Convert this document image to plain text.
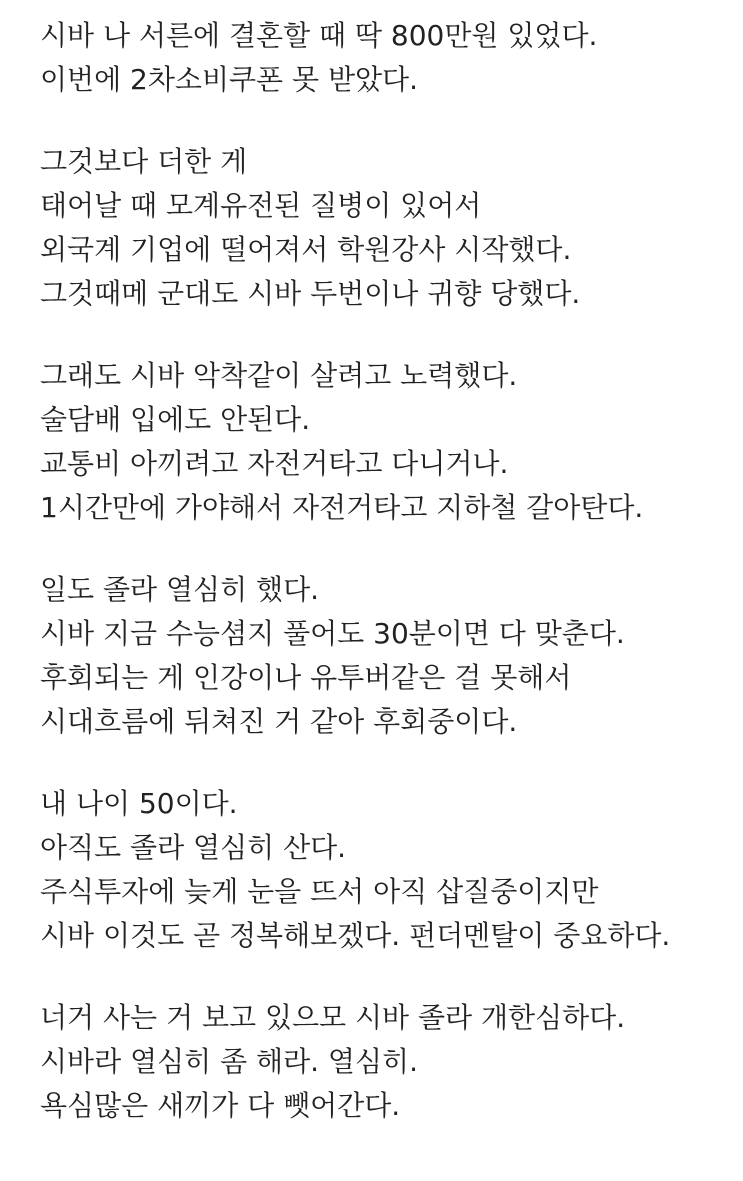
시바 나 서른에 결혼할 때 딱 800만원 있었다.
이번에 2차소비쿠폰 못 받았다.
그것보다 더한 게
태어날 때 모계유전된 질병이 있어서
외국계 기업에 떨어져서 학원강사 시작했다.
그것때메 군대도 시바 두번이나 귀향 당했다.
그래도 시바 악착같이 살려고 노력했다.
술담배 입에도 안된다.
교통비 아끼려고 자전거타고 다니거나.
1시간만에 가야해서 자전거타고 지하철 갈아탄다.
일도 졸라 열심히 했다.
시바 지금 수능셤지 풀어도 30분이면 다 맞춘다.
후회되는 게 인강이나 유투버같은 걸 못해서
시대흐름에 뒤쳐진 거 같아 후회중이다.
내 나이 50이다.
아직도 졸라 열심히 산다.
주식투자에 늦게 눈을 뜨서 아직 삽질중이지만
시바 이것도 곧 정복해보겠다. 펀더멘탈이 중요하다.
너거 사는 거 보고 있으모 시바 졸라 개한심하다.
시바라 열심히 좀 해라. 열심히.
욕심많은 새끼가 다 뺏어간다.
